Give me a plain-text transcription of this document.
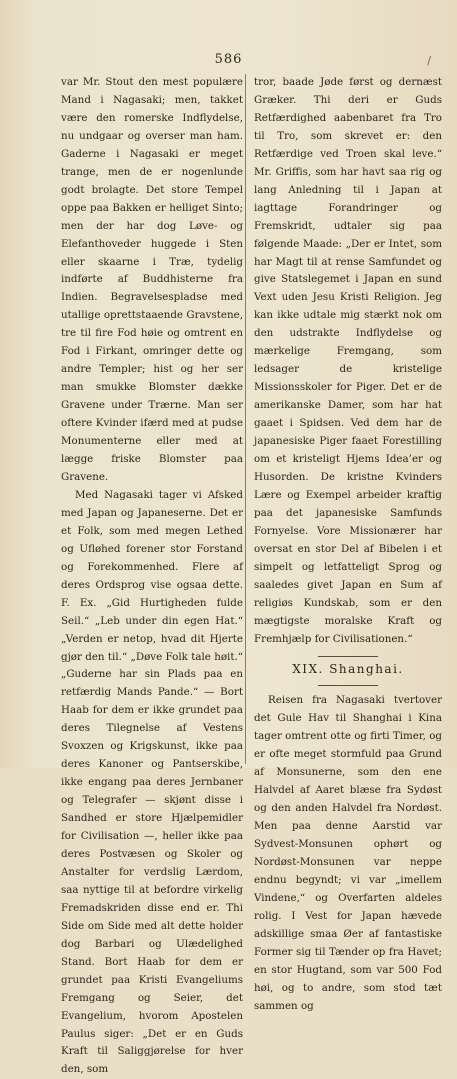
586	/

var Mr. Stout den mest populære Mand i Nagasaki; men, takket være den romerske Indflydelse, nu undgaar og overser man ham. Gaderne i Nagasaki er meget trange, men de er nogenlunde godt brolagte. Det store Tempel oppe paa Bakken er helliget Sinto; men der har dog Løve- og Elefanthoveder huggede i Sten eller skaarne i Træ, tydelig indførte af Buddhisterne fra Indien. Begravelsespladse med utallige oprettstaaende Gravstene, tre til fire Fod høie og omtrent en Fod i Firkant, omringer dette og andre Templer; hist og her ser man smukke Blomster dække Gravene under Trærne. Man ser oftere Kvinder ifærd med at pudse Monumenterne eller med at lægge friske Blomster paa Gravene.

Med Nagasaki tager vi Afsked med Japan og Japaneserne. Det er et Folk, som med megen Lethed og Ufløhed forener stor Forstand og Forekommenhed. Flere af deres Ordsprog vise ogsaa dette. F. Ex. „Gid Hurtigheden fulde Seil.“ „Leb under din egen Hat.“ „Verden er netop, hvad dit Hjerte gjør den til.“ „Døve Folk tale høit.“ „Guderne har sin Plads paa en retfærdig Mands Pande.“ — Bort Haab for dem er ikke grundet paa deres Tilegnelse af Vestens Svoxzen og Krigskunst, ikke paa deres Kanoner og Pantserskibe, ikke engang paa deres Jernbaner og Telegrafer — skjønt disse i Sandhed er store Hjælpemidler for Civilisation —, heller ikke paa deres Postvæsen og Skoler og Anstalter for verdslig Lærdom, saa nyttige til at befordre virkelig Fremadskriden disse end er. Thi Side om Side med alt dette holder dog Barbari og Ulædelighed Stand. Bort Haab for dem er grundet paa Kristi Evangeliums Fremgang og Seier, det Evangelium, hvorom Apostelen Paulus siger: „Det er en Guds Kraft til Saliggjørelse for hver den, som

tror, baade Jøde først og dernæst Græker. Thi deri er Guds Retfærdighed aabenbaret fra Tro til Tro, som skrevet er: den Retfærdige ved Troen skal leve.“ Mr. Griffis, som har havt saa rig og lang Anledning til i Japan at iagttage Forandringer og Fremskridt, udtaler sig paa følgende Maade: „Der er Intet, som har Magt til at rense Samfundet og give Statslegemet i Japan en sund Vext uden Jesu Kristi Religion. Jeg kan ikke udtale mig stærkt nok om den udstrakte Indflydelse og mærkelige Fremgang, som ledsager de kristelige Missionsskoler for Piger. Det er de amerikanske Damer, som har hat gaaet i Spidsen. Ved dem har de japanesiske Piger faaet Forestilling om et kristeligt Hjems Idea’er og Husorden. De kristne Kvinders Lære og Exempel arbeider kraftig paa det japanesiske Samfunds Fornyelse. Vore Missionærer har oversat en stor Del af Bibelen i et simpelt og letfatteligt Sprog og saaledes givet Japan en Sum af religiøs Kundskab, som er den mægtigste moralske Kraft og Fremhjælp for Civilisationen.“

XIX. Shanghai.

Reisen fra Nagasaki tvertover det Gule Hav til Shanghai i Kina tager omtrent otte og firti Timer, og er ofte meget stormfuld paa Grund af Monsunerne, som den ene Halvdel af Aaret blæse fra Sydøst og den anden Halvdel fra Nordøst. Men paa denne Aarstid var Sydvest-Monsunen ophørt og Nordøst-Monsunen var neppe endnu begyndt; vi var „imellem Vindene,“ og Overfarten aldeles rolig. I Vest for Japan hævede adskillige smaa Øer af fantastiske Former sig til Tænder op fra Havet; en stor Hugtand, som var 500 Fod høi, og to andre, som stod tæt sammen og
